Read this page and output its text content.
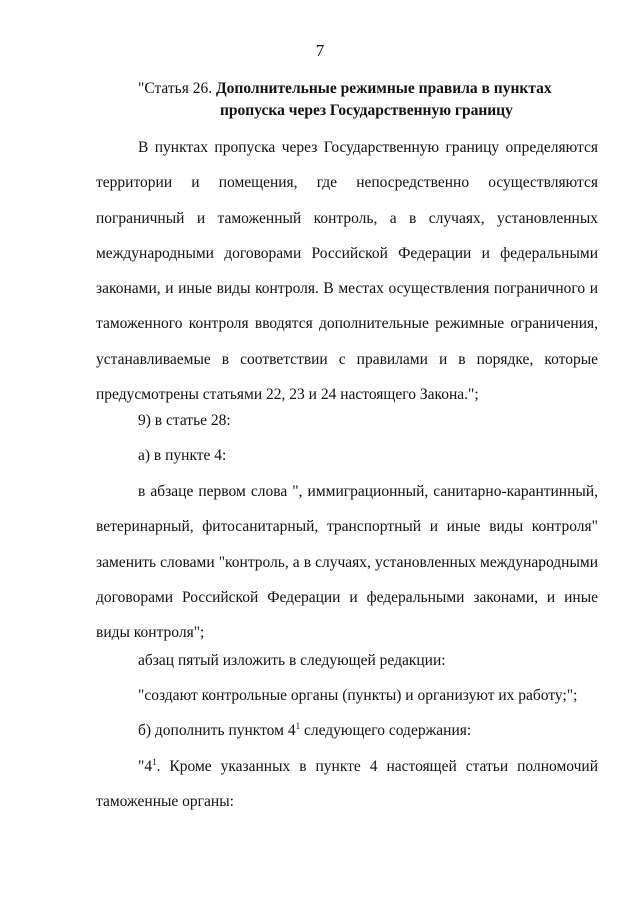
7
"Статья 26. Дополнительные режимные правила в пунктах
пропуска через Государственную границу

В пунктах пропуска через Государственную границу определяются территории и помещения, где непосредственно осуществляются пограничный и таможенный контроль, а в случаях, установленных международными договорами Российской Федерации и федеральными законами, и иные виды контроля. В местах осуществления пограничного и таможенного контроля вводятся дополнительные режимные ограничения, устанавливаемые в соответствии с правилами и в порядке, которые предусмотрены статьями 22, 23 и 24 настоящего Закона.";

9) в статье 28:
а) в пункте 4:

в абзаце первом слова ", иммиграционный, санитарно-карантинный, ветеринарный, фитосанитарный, транспортный и иные виды контроля" заменить словами "контроль, а в случаях, установленных международными договорами Российской Федерации и федеральными законами, и иные виды контроля";

абзац пятый изложить в следующей редакции:
"создают контрольные органы (пункты) и организуют их работу;";
б) дополнить пунктом $4^1$ следующего содержания:

"$4^1$. Кроме указанных в пункте 4 настоящей статьи полномочий таможенные органы:
